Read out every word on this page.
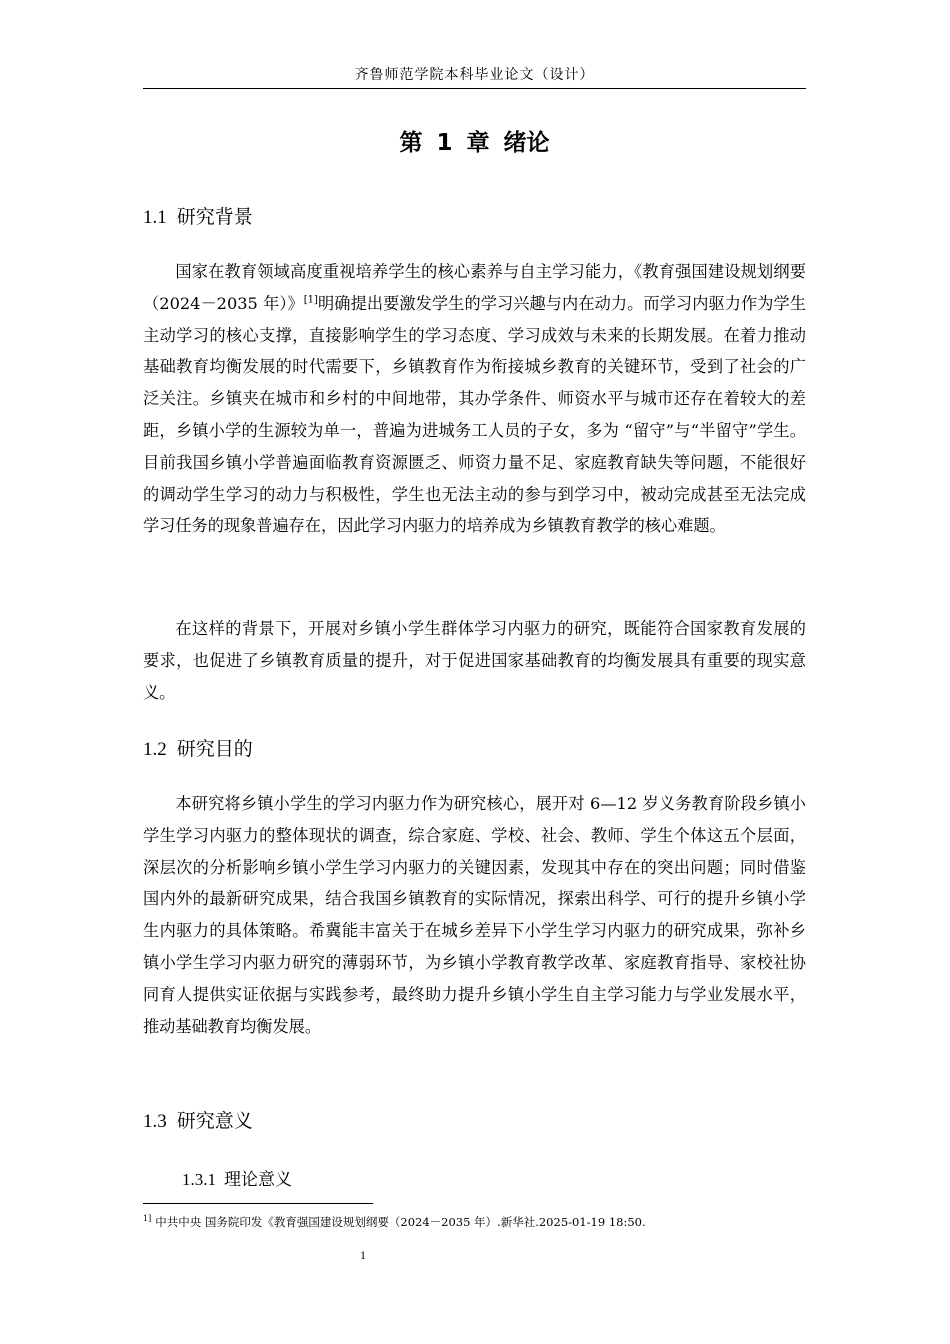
齐鲁师范学院本科毕业论文（设计）
第 1 章 绪论
1.1 研究背景

国家在教育领域高度重视培养学生的核心素养与自主学习能力，《教育强国建设规划纲要（2024－2035 年）》[1]明确提出要激发学生的学习兴趣与内在动力。而学习内驱力作为学生主动学习的核心支撑，直接影响学生的学习态度、学习成效与未来的长期发展。在着力推动基础教育均衡发展的时代需要下，乡镇教育作为衔接城乡教育的关键环节，受到了社会的广泛关注。乡镇夹在城市和乡村的中间地带，其办学条件、师资水平与城市还存在着较大的差距，乡镇小学的生源较为单一，普遍为进城务工人员的子女，多为 “留守”与“半留守”学生。目前我国乡镇小学普遍面临教育资源匮乏、师资力量不足、家庭教育缺失等问题，不能很好的调动学生学习的动力与积极性，学生也无法主动的参与到学习中，被动完成甚至无法完成学习任务的现象普遍存在，因此学习内驱力的培养成为乡镇教育教学的核心难题。

在这样的背景下，开展对乡镇小学生群体学习内驱力的研究，既能符合国家教育发展的要求，也促进了乡镇教育质量的提升，对于促进国家基础教育的均衡发展具有重要的现实意义。

1.2 研究目的

本研究将乡镇小学生的学习内驱力作为研究核心，展开对 6—12 岁义务教育阶段乡镇小学生学习内驱力的整体现状的调查，综合家庭、学校、社会、教师、学生个体这五个层面，深层次的分析影响乡镇小学生学习内驱力的关键因素，发现其中存在的突出问题；同时借鉴国内外的最新研究成果，结合我国乡镇教育的实际情况，探索出科学、可行的提升乡镇小学生内驱力的具体策略。希冀能丰富关于在城乡差异下小学生学习内驱力的研究成果，弥补乡镇小学生学习内驱力研究的薄弱环节，为乡镇小学教育教学改革、家庭教育指导、家校社协同育人提供实证依据与实践参考，最终助力提升乡镇小学生自主学习能力与学业发展水平，推动基础教育均衡发展。

1.3 研究意义
1.3.1 理论意义
$^{1]}$ 中共中央 国务院印发《教育强国建设规划纲要（2024－2035 年）.新华社.2025-01-19 18:50.
1
